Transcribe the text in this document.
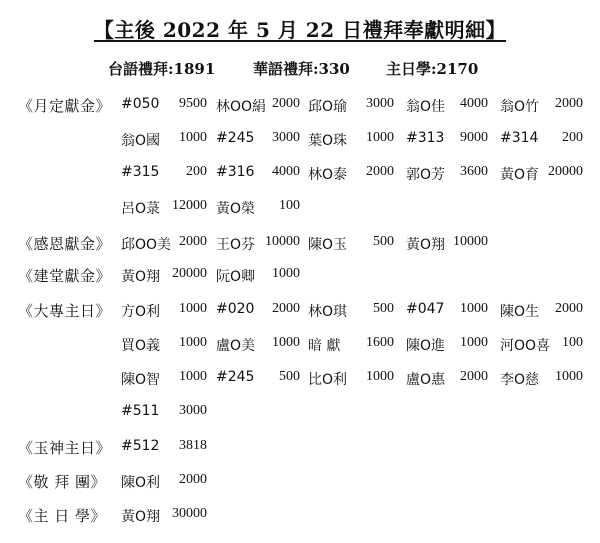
【主後 2022 年 5 月 22 日禮拜奉獻明細】
台語禮拜:1891	華語禮拜:330 主日學:2170
《月定獻金》 #050	9500 林OO絹 2000 邱O瑜	3000 翁O佳	4000 翁O竹	2000
翁O國	1000 #245	3000 葉O珠	1000 #313	9000 #314	200
#315	200 #316	4000 林O泰	2000 郭O芳	3600 黃O育 20000
呂O菉 12000 黃O榮	100
《感恩獻金》 邱OO美 2000 王O芬 10000 陳O玉	500 黃O翔 10000
《建堂獻金》 黃O翔 20000 阮O卿	1000
《大專主日》 方O利	1000 #020	2000 林O琪	500 #047	1000 陳O生	2000
買O義	1000 盧O美	1000 暗 獻	1600 陳O進	1000 河OO喜 100
陳O智	1000 #245	500 比O利	1000 盧O惠	2000 李O慈	1000
#511	3000
《玉神主日》 #512	3818
《敬 拜 團》	陳O利	2000
《主 日 學》	黃O翔 30000
